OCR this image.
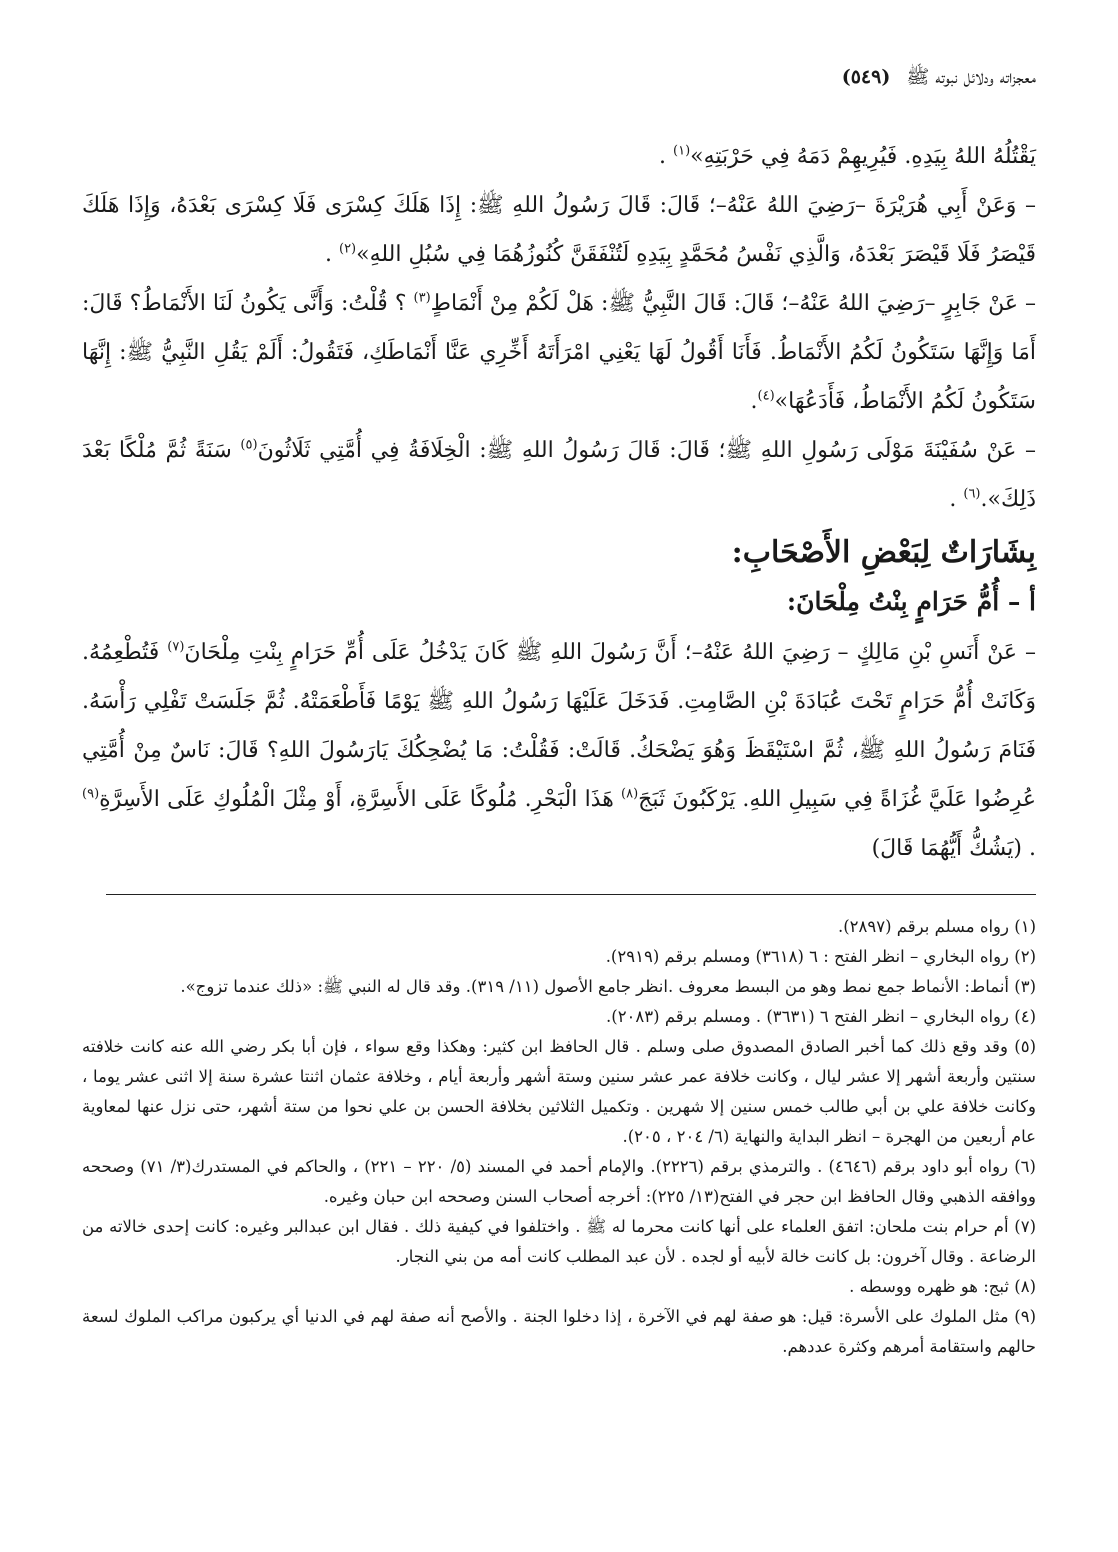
معجزاته ودلائل نبوته ﷺ (٥٤٩)

يَقْتُلُهُ اللهُ بِيَدِهِ. فَيُرِيهِمْ دَمَهُ فِي حَرْبَتِهِ»$^{(١)}$ .

– وَعَنْ أَبِي هُرَيْرَةَ –رَضِيَ اللهُ عَنْهُ–؛ قَالَ: قَالَ رَسُولُ اللهِ ﷺ: إِذَا هَلَكَ كِسْرَى فَلَا كِسْرَى بَعْدَهُ، وَإِذَا هَلَكَ قَيْصَرُ فَلَا قَيْصَرَ بَعْدَهُ، وَالَّذِي نَفْسُ مُحَمَّدٍ بِيَدِهِ لَتُنْفَقَنَّ كُنُوزُهُمَا فِي سُبُلِ اللهِ»$^{(٢)}$ .

– عَنْ جَابِرٍ –رَضِيَ اللهُ عَنْهُ–؛ قَالَ: قَالَ النَّبِيُّ ﷺ: هَلْ لَكُمْ مِنْ أَنْمَاطٍ$^{(٣)}$ ؟ قُلْتُ: وَأَنَّى يَكُونُ لَنَا الأَنْمَاطُ؟ قَالَ: أَمَا وَإِنَّهَا سَتَكُونُ لَكُمُ الأَنْمَاطُ. فَأَنَا أَقُولُ لَهَا يَعْنِي امْرَأَتَهُ أَخِّرِي عَنَّا أَنْمَاطَكِ، فَتَقُولُ: أَلَمْ يَقُلِ النَّبِيُّ ﷺ: إِنَّهَا سَتَكُونُ لَكُمُ الأَنْمَاطُ، فَأَدَعُهَا»$^{(٤)}$.

– عَنْ سُفَيْنَةَ مَوْلَى رَسُولِ اللهِ ﷺ؛ قَالَ: قَالَ رَسُولُ اللهِ ﷺ: الْخِلَافَةُ فِي أُمَّتِي ثَلَاثُونَ$^{(٥)}$ سَنَةً ثُمَّ مُلْكًا بَعْدَ ذَلِكَ».$^{(٦)}$ .

بِشَارَاتٌ لِبَعْضِ الأَصْحَابِ:
أ – أُمُّ حَرَامٍ بِنْتُ مِلْحَانَ:

– عَنْ أَنَسِ بْنِ مَالِكٍ – رَضِيَ اللهُ عَنْهُ–؛ أَنَّ رَسُولَ اللهِ ﷺ كَانَ يَدْخُلُ عَلَى أُمِّ حَرَامٍ بِنْتِ مِلْحَانَ$^{(٧)}$ فَتُطْعِمُهُ. وَكَانَتْ أُمُّ حَرَامٍ تَحْتَ عُبَادَةَ بْنِ الصَّامِتِ. فَدَخَلَ عَلَيْهَا رَسُولُ اللهِ ﷺ يَوْمًا فَأَطْعَمَتْهُ. ثُمَّ جَلَسَتْ تَفْلِي رَأْسَهُ. فَنَامَ رَسُولُ اللهِ ﷺ، ثُمَّ اسْتَيْقَظَ وَهُوَ يَضْحَكُ. قَالَتْ: فَقُلْتُ: مَا يُضْحِكُكَ يَارَسُولَ اللهِ؟ قَالَ: نَاسٌ مِنْ أُمَّتِي عُرِضُوا عَلَيَّ غُزَاةً فِي سَبِيلِ اللهِ. يَرْكَبُونَ ثَبَجَ$^{(٨)}$ هَذَا الْبَحْرِ. مُلُوكًا عَلَى الأَسِرَّةِ، أَوْ مِثْلَ الْمُلُوكِ عَلَى الأَسِرَّةِ$^{(٩)}$ . (يَشُكُّ أَيُّهُمَا قَالَ)

(١) رواه مسلم برقم (٢٨٩٧).

(٢) رواه البخاري – انظر الفتح : ٦ (٣٦١٨) ومسلم برقم (٢٩١٩).

(٣) أنماط: الأنماط جمع نمط وهو من البسط معروف .انظر جامع الأصول (١١/ ٣١٩). وقد قال له النبي ﷺ: «ذلك عندما تزوج».

(٤) رواه البخاري – انظر الفتح ٦ (٣٦٣١) . ومسلم برقم (٢٠٨٣).

(٥) وقد وقع ذلك كما أخبر الصادق المصدوق صلى وسلم . قال الحافظ ابن كثير: وهكذا وقع سواء ، فإن أبا بكر رضي الله عنه كانت خلافته سنتين وأربعة أشهر إلا عشر ليال ، وكانت خلافة عمر عشر سنين وستة أشهر وأربعة أيام ، وخلافة عثمان اثنتا عشرة سنة إلا اثنى عشر يوما ، وكانت خلافة علي بن أبي طالب خمس سنين إلا شهرين . وتكميل الثلاثين بخلافة الحسن بن علي نحوا من ستة أشهر، حتى نزل عنها لمعاوية عام أربعين من الهجرة – انظر البداية والنهاية (٦/ ٢٠٤ ، ٢٠٥).

(٦) رواه أبو داود برقم (٤٦٤٦) . والترمذي برقم (٢٢٢٦). والإمام أحمد في المسند (٥/ ٢٢٠ – ٢٢١) ، والحاكم في المستدرك(٣/ ٧١) وصححه ووافقه الذهبي وقال الحافظ ابن حجر في الفتح(١٣/ ٢٢٥): أخرجه أصحاب السنن وصححه ابن حبان وغيره.

(٧) أم حرام بنت ملحان: اتفق العلماء على أنها كانت محرما له ﷺ . واختلفوا في كيفية ذلك . فقال ابن عبدالبر وغيره: كانت إحدى خالاته من الرضاعة . وقال آخرون: بل كانت خالة لأبيه أو لجده . لأن عبد المطلب كانت أمه من بني النجار.

(٨) ثبج: هو ظهره ووسطه .

(٩) مثل الملوك على الأسرة: قيل: هو صفة لهم في الآخرة ، إذا دخلوا الجنة . والأصح أنه صفة لهم في الدنيا أي يركبون مراكب الملوك لسعة حالهم واستقامة أمرهم وكثرة عددهم.
